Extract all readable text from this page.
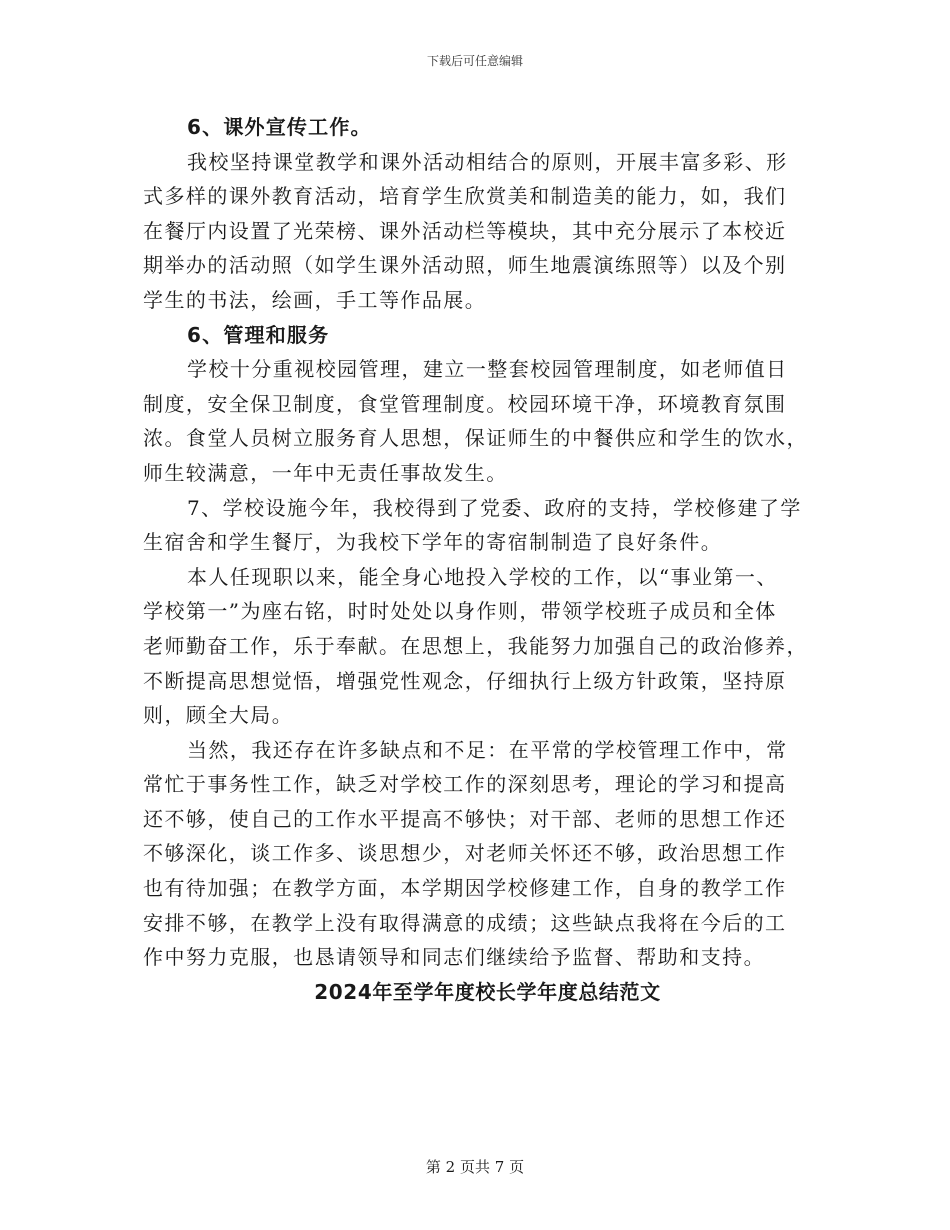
下载后可任意编辑
6、课外宣传工作。
我校坚持课堂教学和课外活动相结合的原则，开展丰富多彩、形
式多样的课外教育活动，培育学生欣赏美和制造美的能力，如，我们
在餐厅内设置了光荣榜、课外活动栏等模块，其中充分展示了本校近
期举办的活动照（如学生课外活动照，师生地震演练照等）以及个别
学生的书法，绘画，手工等作品展。
6、管理和服务
学校十分重视校园管理，建立一整套校园管理制度，如老师值日
制度，安全保卫制度，食堂管理制度。校园环境干净，环境教育氛围
浓。食堂人员树立服务育人思想，保证师生的中餐供应和学生的饮水，
师生较满意，一年中无责任事故发生。
7、学校设施今年，我校得到了党委、政府的支持，学校修建了学
生宿舍和学生餐厅，为我校下学年的寄宿制制造了良好条件。
本人任现职以来，能全身心地投入学校的工作，以“事业第一、
学校第一”为座右铭，时时处处以身作则，带领学校班子成员和全体
老师勤奋工作，乐于奉献。在思想上，我能努力加强自己的政治修养，
不断提高思想觉悟，增强党性观念，仔细执行上级方针政策，坚持原
则，顾全大局。
当然，我还存在许多缺点和不足：在平常的学校管理工作中，常
常忙于事务性工作，缺乏对学校工作的深刻思考，理论的学习和提高
还不够，使自己的工作水平提高不够快；对干部、老师的思想工作还
不够深化，谈工作多、谈思想少，对老师关怀还不够，政治思想工作
也有待加强；在教学方面，本学期因学校修建工作，自身的教学工作
安排不够，在教学上没有取得满意的成绩；这些缺点我将在今后的工
作中努力克服，也恳请领导和同志们继续给予监督、帮助和支持。
2024年至学年度校长学年度总结范文
第 2 页共 7 页
